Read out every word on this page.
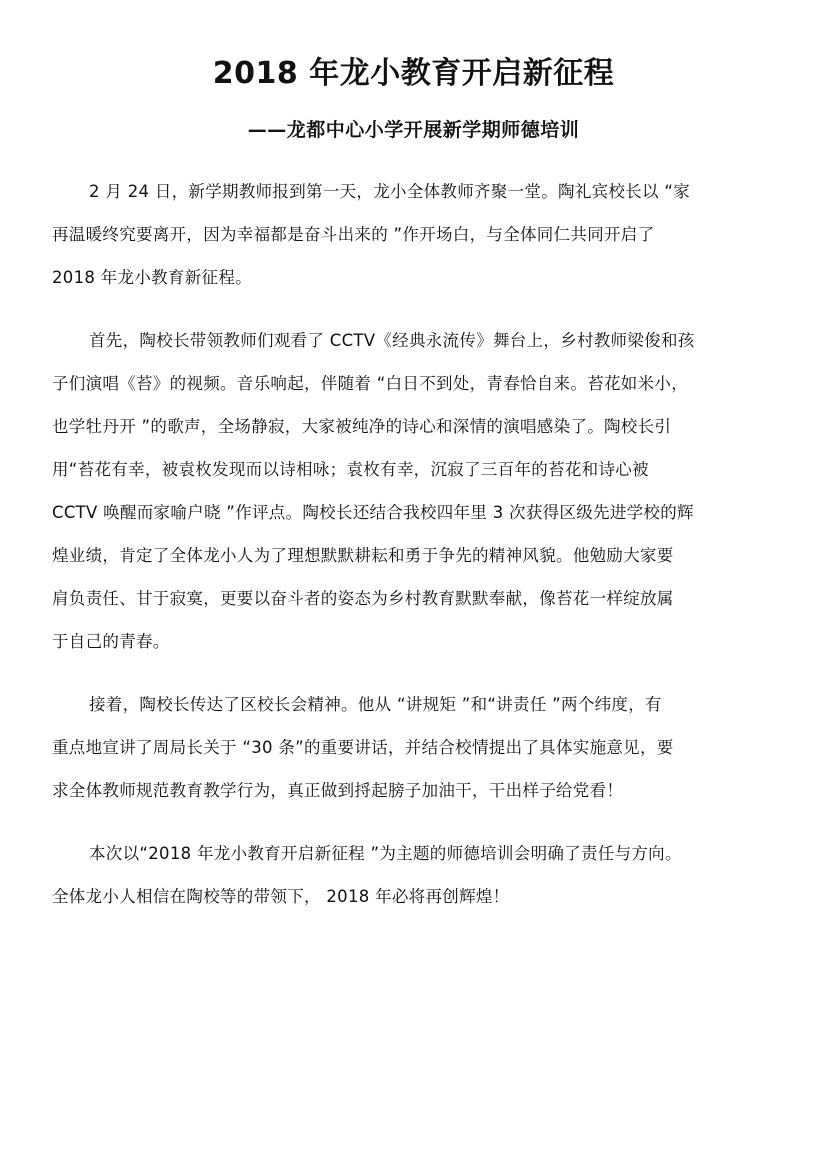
2018 年龙小教育开启新征程
——龙都中心小学开展新学期师德培训
2 月 24 日，新学期教师报到第一天，龙小全体教师齐聚一堂。陶礼宾校长以 “家
再温暖终究要离开，因为幸福都是奋斗出来的 ”作开场白，与全体同仁共同开启了
2018 年龙小教育新征程。
首先，陶校长带领教师们观看了 CCTV《经典永流传》舞台上，乡村教师梁俊和孩
子们演唱《苔》的视频。音乐响起，伴随着 “白日不到处，青春恰自来。苔花如米小，
也学牡丹开 ”的歌声，全场静寂，大家被纯净的诗心和深情的演唱感染了。陶校长引
用“苔花有幸，被袁枚发现而以诗相咏；袁枚有幸，沉寂了三百年的苔花和诗心被
CCTV 唤醒而家喻户晓 ”作评点。陶校长还结合我校四年里 3 次获得区级先进学校的辉
煌业绩，肯定了全体龙小人为了理想默默耕耘和勇于争先的精神风貌。他勉励大家要
肩负责任、甘于寂寞，更要以奋斗者的姿态为乡村教育默默奉献，像苔花一样绽放属
于自己的青春。
接着，陶校长传达了区校长会精神。他从 “讲规矩 ”和“讲责任 ”两个纬度，有
重点地宣讲了周局长关于 “30 条”的重要讲话，并结合校情提出了具体实施意见，要
求全体教师规范教育教学行为，真正做到捋起膀子加油干，干出样子给党看！
本次以“2018 年龙小教育开启新征程 ”为主题的师德培训会明确了责任与方向。
全体龙小人相信在陶校等的带领下， 2018 年必将再创辉煌！
